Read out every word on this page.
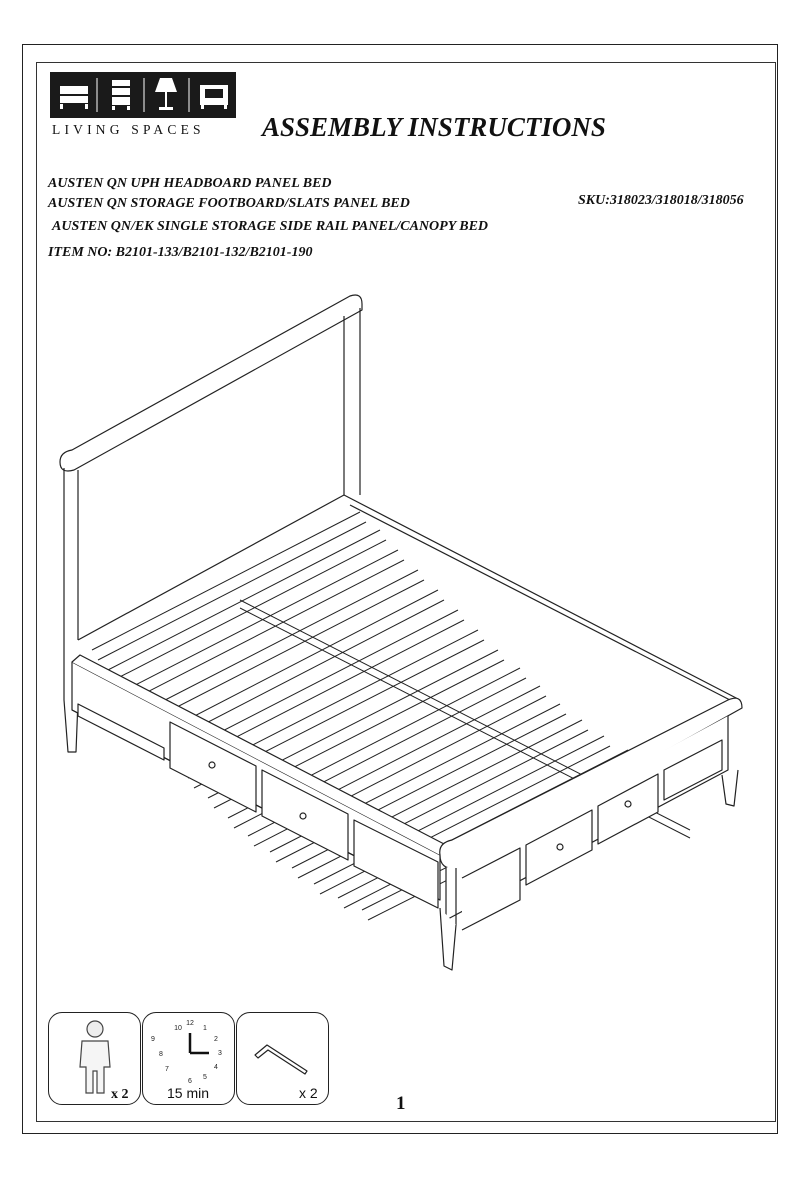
LIVING SPACES	ASSEMBLY INSTRUCTIONS
AUSTEN QN UPH HEADBOARD PANEL BED
AUSTEN QN STORAGE FOOTBOARD/SLATS PANEL BED
AUSTEN QN/EK SINGLE STORAGE SIDE RAIL PANEL/CANOPY BED
ITEM NO: B2101-133/B2101-132/B2101-190
SKU:318023/318018/318056
x 2
12
1
2
3
4
5
6
7
8
9
10
15 min	x 2	1
